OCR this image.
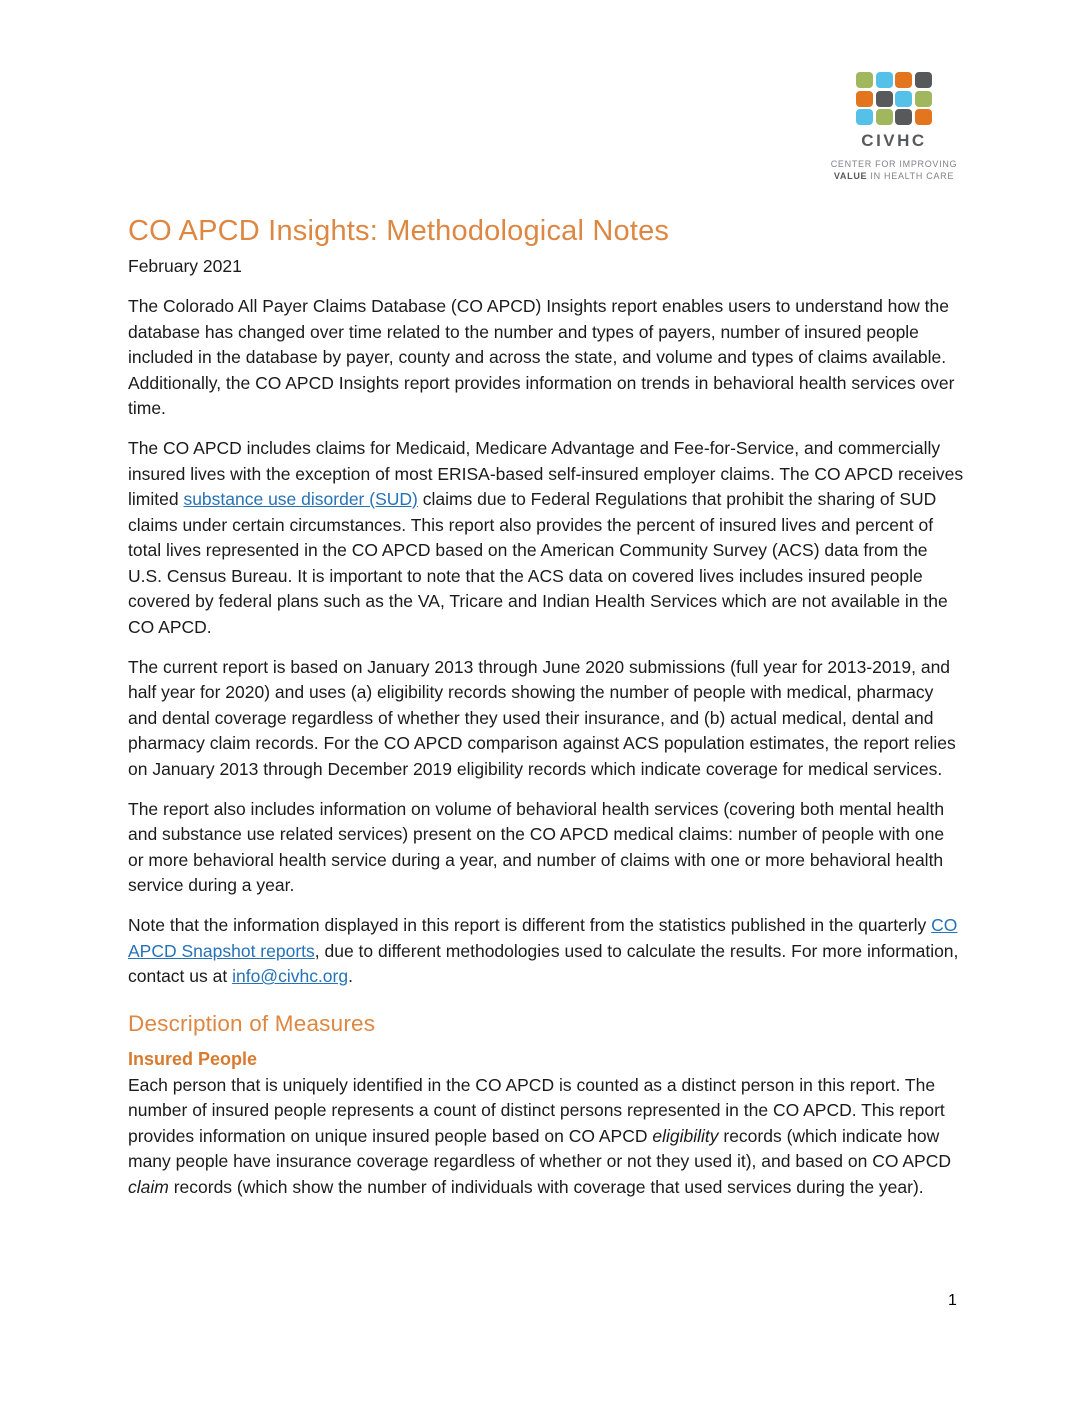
CIVHC
CENTER FOR IMPROVING
VALUE IN HEALTH CARE
CO APCD Insights: Methodological Notes

February 2021

The Colorado All Payer Claims Database (CO APCD) Insights report enables users to understand how the database has changed over time related to the number and types of payers, number of insured people included in the database by payer, county and across the state, and volume and types of claims available. Additionally, the CO APCD Insights report provides information on trends in behavioral health services over time.

The CO APCD includes claims for Medicaid, Medicare Advantage and Fee-for-Service, and commercially insured lives with the exception of most ERISA-based self-insured employer claims. The CO APCD receives limited substance use disorder (SUD) claims due to Federal Regulations that prohibit the sharing of SUD claims under certain circumstances. This report also provides the percent of insured lives and percent of total lives represented in the CO APCD based on the American Community Survey (ACS) data from the U.S. Census Bureau. It is important to note that the ACS data on covered lives includes insured people covered by federal plans such as the VA, Tricare and Indian Health Services which are not available in the CO APCD.

The current report is based on January 2013 through June 2020 submissions (full year for 2013-2019, and half year for 2020) and uses (a) eligibility records showing the number of people with medical, pharmacy and dental coverage regardless of whether they used their insurance, and (b) actual medical, dental and pharmacy claim records. For the CO APCD comparison against ACS population estimates, the report relies on January 2013 through December 2019 eligibility records which indicate coverage for medical services.

The report also includes information on volume of behavioral health services (covering both mental health and substance use related services) present on the CO APCD medical claims: number of people with one or more behavioral health service during a year, and number of claims with one or more behavioral health service during a year.

Note that the information displayed in this report is different from the statistics published in the quarterly CO APCD Snapshot reports, due to different methodologies used to calculate the results. For more information, contact us at info@civhc.org.

Description of Measures
Insured People

Each person that is uniquely identified in the CO APCD is counted as a distinct person in this report. The number of insured people represents a count of distinct persons represented in the CO APCD. This report provides information on unique insured people based on CO APCD eligibility records (which indicate how many people have insurance coverage regardless of whether or not they used it), and based on CO APCD claim records (which show the number of individuals with coverage that used services during the year).

1
